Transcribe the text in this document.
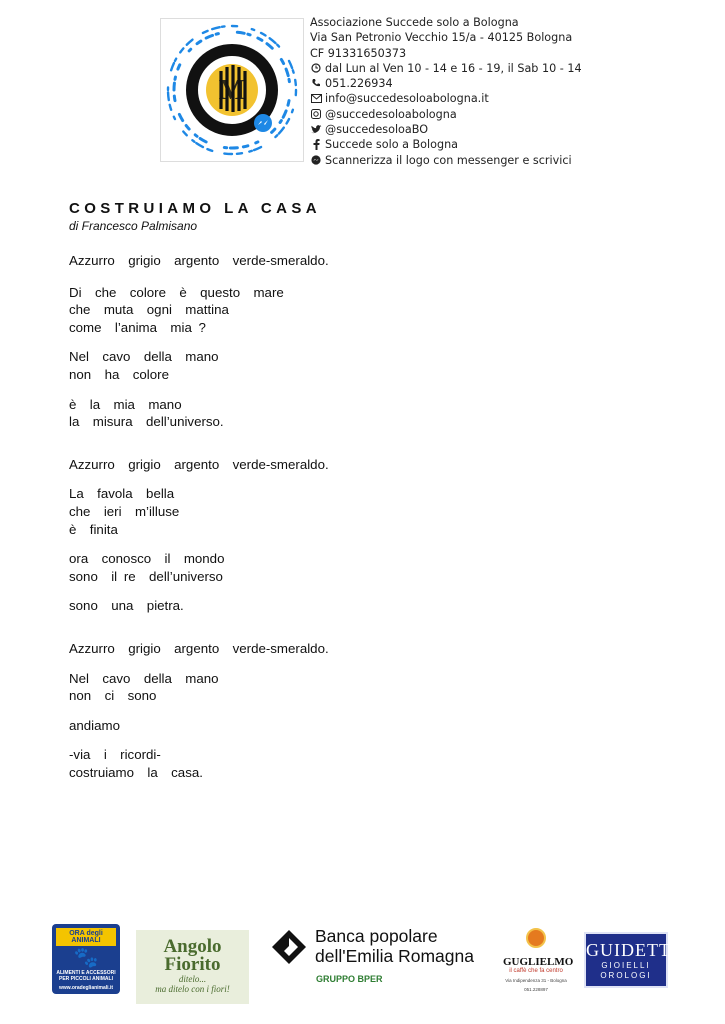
M
Associazione Succede solo a Bologna
Via San Petronio Vecchio 15/a - 40125 Bologna
CF 91331650373
dal Lun al Ven 10 - 14 e 16 - 19, il Sab 10 - 14
051.226934
info@succedesoloabologna.it
@succedesoloabologna
@succedesoloaBO
Succede solo a Bologna
Scannerizza il logo con messenger e scrivici
COSTRUIAMO LA CASA
di Francesco Palmisano
Azzurro  grigio  argento  verde-smeraldo.
Di  che  colore  è  questo  mare
che  muta  ogni  mattina
come  l’anima  mia ?
Nel  cavo  della  mano
non  ha  colore
è  la  mia  mano
la  misura  dell’universo.
Azzurro  grigio  argento  verde-smeraldo.
La  favola  bella
che  ieri  m’illuse
è  finita
ora  conosco  il  mondo
sono  il re  dell’universo
sono  una  pietra.
Azzurro  grigio  argento  verde-smeraldo.
Nel  cavo  della  mano
non  ci  sono
andiamo
-via  i  ricordi-
costruiamo  la  casa.
ORA degli ANIMALI
🐾
ALIMENTI E ACCESSORI PER PICCOLI ANIMALI
www.oradeglianimali.it
Angolo
Fiorito
ditelo...
ma ditelo con i fiori!
Banca popolare
dell'Emilia Romagna
GRUPPO BPER
GUGLIELMO
il caffè che fa centro
Via Indipendenza 31 - Bologna
051.228897
GUIDETTI
GIOIELLI
OROLOGI
